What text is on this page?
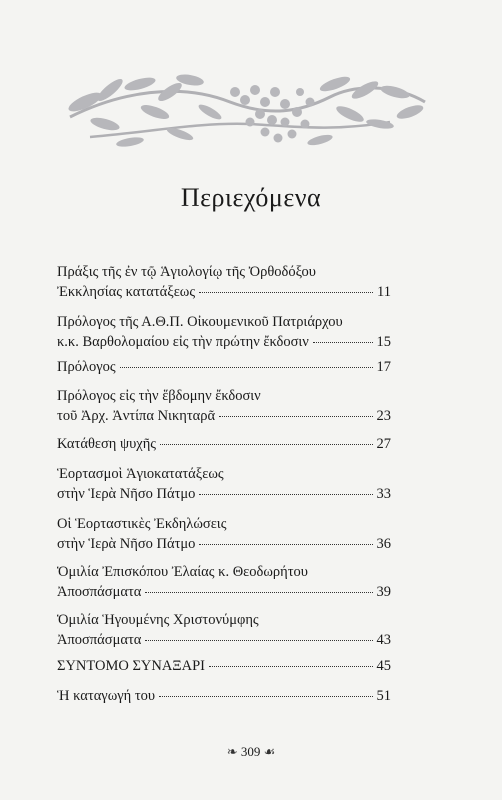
Περιεχόμενα
Πράξις τῆς ἐν τῷ Ἁγιολογίῳ τῆς Ὀρθοδόξου
Ἐκκλησίας κατατάξεως	11
Πρόλογος τῆς Α.Θ.Π. Οἰκουμενικοῦ Πατριάρχου
κ.κ. Βαρθολομαίου εἰς τὴν πρώτην ἔκδοσιν	15
Πρόλογος	17
Πρόλογος εἰς τὴν ἕβδομην ἔκδοσιν
τοῦ Ἀρχ. Ἀντίπα Νικηταρᾶ	23
Κατάθεση ψυχῆς	27
Ἑορτασμοὶ Ἁγιοκατατάξεως
στὴν Ἱερὰ Νῆσο Πάτμο	33
Οἱ Ἑορταστικὲς Ἐκδηλώσεις
στὴν Ἱερὰ Νῆσο Πάτμο	36
Ὁμιλία Ἐπισκόπου Ἐλαίας κ. Θεοδωρήτου
Ἀποσπάσματα	39
Ὁμιλία Ἡγουμένης Χριστονύμφης
Ἀποσπάσματα	43
ΣΥΝΤΟΜΟ ΣΥΝΑΞΑΡΙ	45
Ἡ καταγωγή του	51
❧ 309 ☙
